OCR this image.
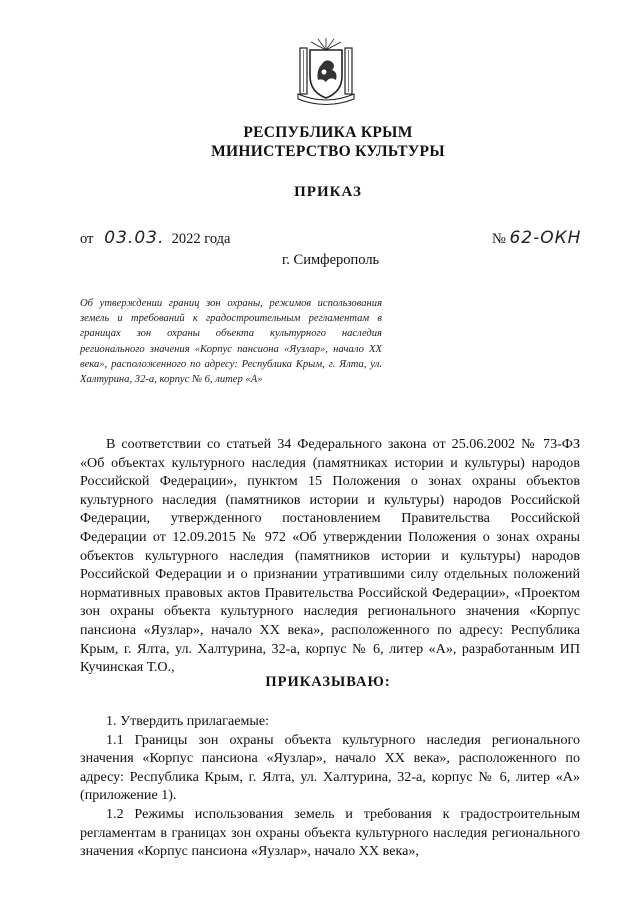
РЕСПУБЛИКА КРЫМ
МИНИСТЕРСТВО КУЛЬТУРЫ
ПРИКАЗ
от 03.03. 2022 года	№ 62-ОКН
г. Симферополь

Об утверждении границ зон охраны, режимов использования земель и требований к градостроительным регламентам в границах зон охраны объекта культурного наследия регионального значения «Корпус пансиона «Яузлар», начало XX века», расположенного по адресу: Республика Крым, г. Ялта, ул. Халтурина, 32-а, корпус № 6, литер «А»

В соответствии со статьей 34 Федерального закона от 25.06.2002 № 73-ФЗ «Об объектах культурного наследия (памятниках истории и культуры) народов Российской Федерации», пунктом 15 Положения о зонах охраны объектов культурного наследия (памятников истории и культуры) народов Российской Федерации, утвержденного постановлением Правительства Российской Федерации от 12.09.2015 № 972 «Об утверждении Положения о зонах охраны объектов культурного наследия (памятников истории и культуры) народов Российской Федерации и о признании утратившими силу отдельных положений нормативных правовых актов Правительства Российской Федерации», «Проектом зон охраны объекта культурного наследия регионального значения «Корпус пансиона «Яузлар», начало XX века», расположенного по адресу: Республика Крым, г. Ялта, ул. Халтурина, 32-а, корпус № 6, литер «А», разработанным ИП Кучинская Т.О.,

ПРИКАЗЫВАЮ:

1. Утвердить прилагаемые:

1.1 Границы зон охраны объекта культурного наследия регионального значения «Корпус пансиона «Яузлар», начало XX века», расположенного по адресу: Республика Крым, г. Ялта, ул. Халтурина, 32-а, корпус № 6, литер «А» (приложение 1).

1.2 Режимы использования земель и требования к градостроительным регламентам в границах зон охраны объекта культурного наследия регионального значения «Корпус пансиона «Яузлар», начало XX века»,
